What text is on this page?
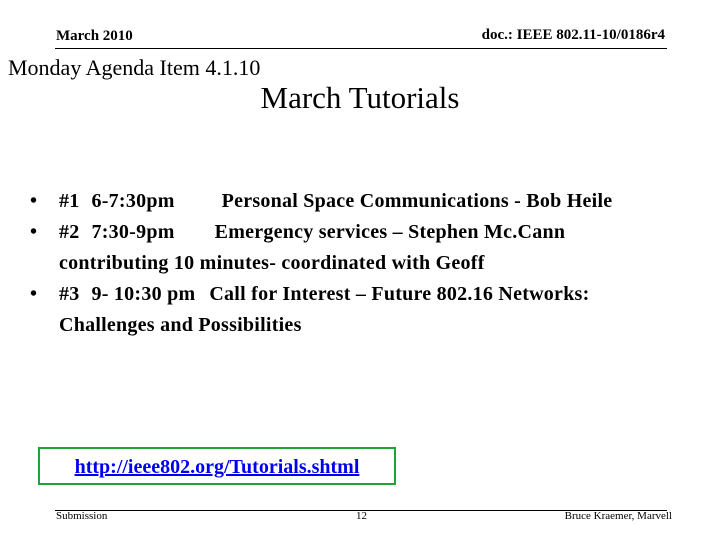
March 2010	doc.: IEEE 802.11-10/0186r4
Monday Agenda Item 4.1.10
March Tutorials
•	#1 6-7:30pm Personal Space Communications - Bob Heile
•	#2 7:30-9pm Emergency services – Stephen Mc.Cann contributing 10 minutes- coordinated with Geoff
•	#3 9- 10:30 pm Call for Interest – Future 802.16 Networks: Challenges and Possibilities
http://ieee802.org/Tutorials.shtml
Submission	12	Bruce Kraemer, Marvell
